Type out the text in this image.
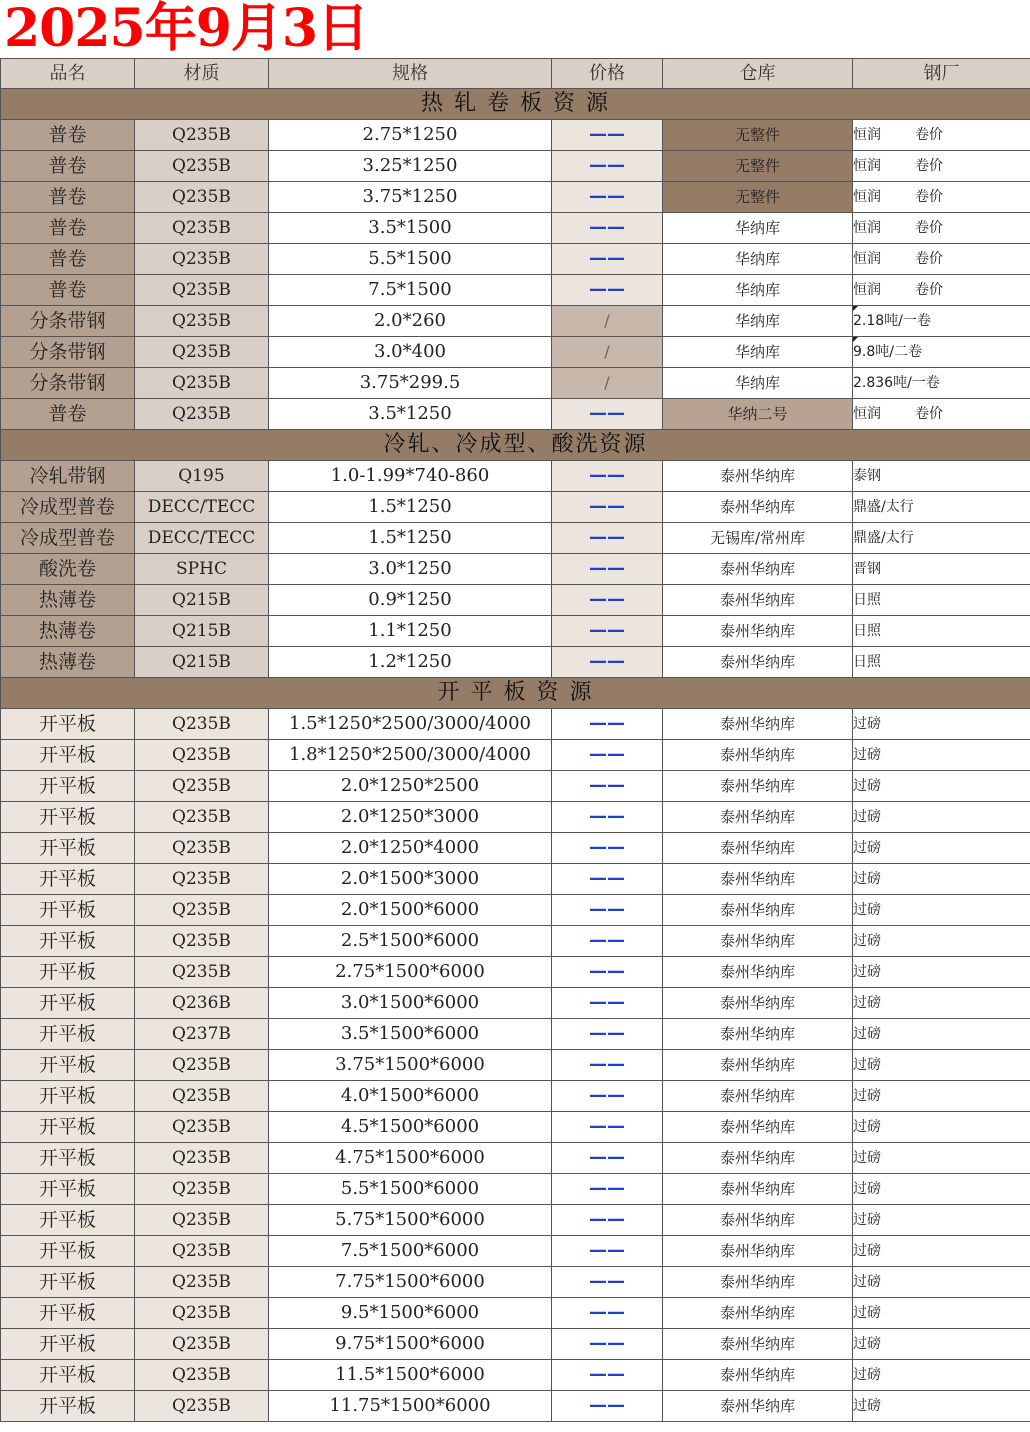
2025年9月3日
品名	材质	规格	价格	仓库	钢厂
热 轧 卷 板 资 源					
普卷	Q235B	2.75*1250	——	无整件	恒润 卷价
普卷	Q235B	3.25*1250	——	无整件	恒润 卷价
普卷	Q235B	3.75*1250	——	无整件	恒润 卷价
普卷	Q235B	3.5*1500	——	华纳库	恒润 卷价
普卷	Q235B	5.5*1500	——	华纳库	恒润 卷价
普卷	Q235B	7.5*1500	——	华纳库	恒润 卷价
分条带钢	Q235B	2.0*260	/	华纳库	2.18吨/一卷
分条带钢	Q235B	3.0*400	/	华纳库	9.8吨/二卷
分条带钢	Q235B	3.75*299.5	/	华纳库	2.836吨/一卷
普卷	Q235B	3.5*1250	——	华纳二号	恒润 卷价
冷轧、冷成型、酸洗资源					
冷轧带钢	Q195	1.0-1.99*740-860	——	泰州华纳库	泰钢
冷成型普卷	DECC/TECC	1.5*1250	——	泰州华纳库	鼎盛/太行
冷成型普卷	DECC/TECC	1.5*1250	——	无锡库/常州库	鼎盛/太行
酸洗卷	SPHC	3.0*1250	——	泰州华纳库	晋钢
热薄卷	Q215B	0.9*1250	——	泰州华纳库	日照
热薄卷	Q215B	1.1*1250	——	泰州华纳库	日照
热薄卷	Q215B	1.2*1250	——	泰州华纳库	日照
开 平 板 资 源					
开平板	Q235B	1.5*1250*2500/3000/4000	——	泰州华纳库	过磅
开平板	Q235B	1.8*1250*2500/3000/4000	——	泰州华纳库	过磅
开平板	Q235B	2.0*1250*2500	——	泰州华纳库	过磅
开平板	Q235B	2.0*1250*3000	——	泰州华纳库	过磅
开平板	Q235B	2.0*1250*4000	——	泰州华纳库	过磅
开平板	Q235B	2.0*1500*3000	——	泰州华纳库	过磅
开平板	Q235B	2.0*1500*6000	——	泰州华纳库	过磅
开平板	Q235B	2.5*1500*6000	——	泰州华纳库	过磅
开平板	Q235B	2.75*1500*6000	——	泰州华纳库	过磅
开平板	Q236B	3.0*1500*6000	——	泰州华纳库	过磅
开平板	Q237B	3.5*1500*6000	——	泰州华纳库	过磅
开平板	Q235B	3.75*1500*6000	——	泰州华纳库	过磅
开平板	Q235B	4.0*1500*6000	——	泰州华纳库	过磅
开平板	Q235B	4.5*1500*6000	——	泰州华纳库	过磅
开平板	Q235B	4.75*1500*6000	——	泰州华纳库	过磅
开平板	Q235B	5.5*1500*6000	——	泰州华纳库	过磅
开平板	Q235B	5.75*1500*6000	——	泰州华纳库	过磅
开平板	Q235B	7.5*1500*6000	——	泰州华纳库	过磅
开平板	Q235B	7.75*1500*6000	——	泰州华纳库	过磅
开平板	Q235B	9.5*1500*6000	——	泰州华纳库	过磅
开平板	Q235B	9.75*1500*6000	——	泰州华纳库	过磅
开平板	Q235B	11.5*1500*6000	——	泰州华纳库	过磅
开平板	Q235B	11.75*1500*6000	——	泰州华纳库	过磅
